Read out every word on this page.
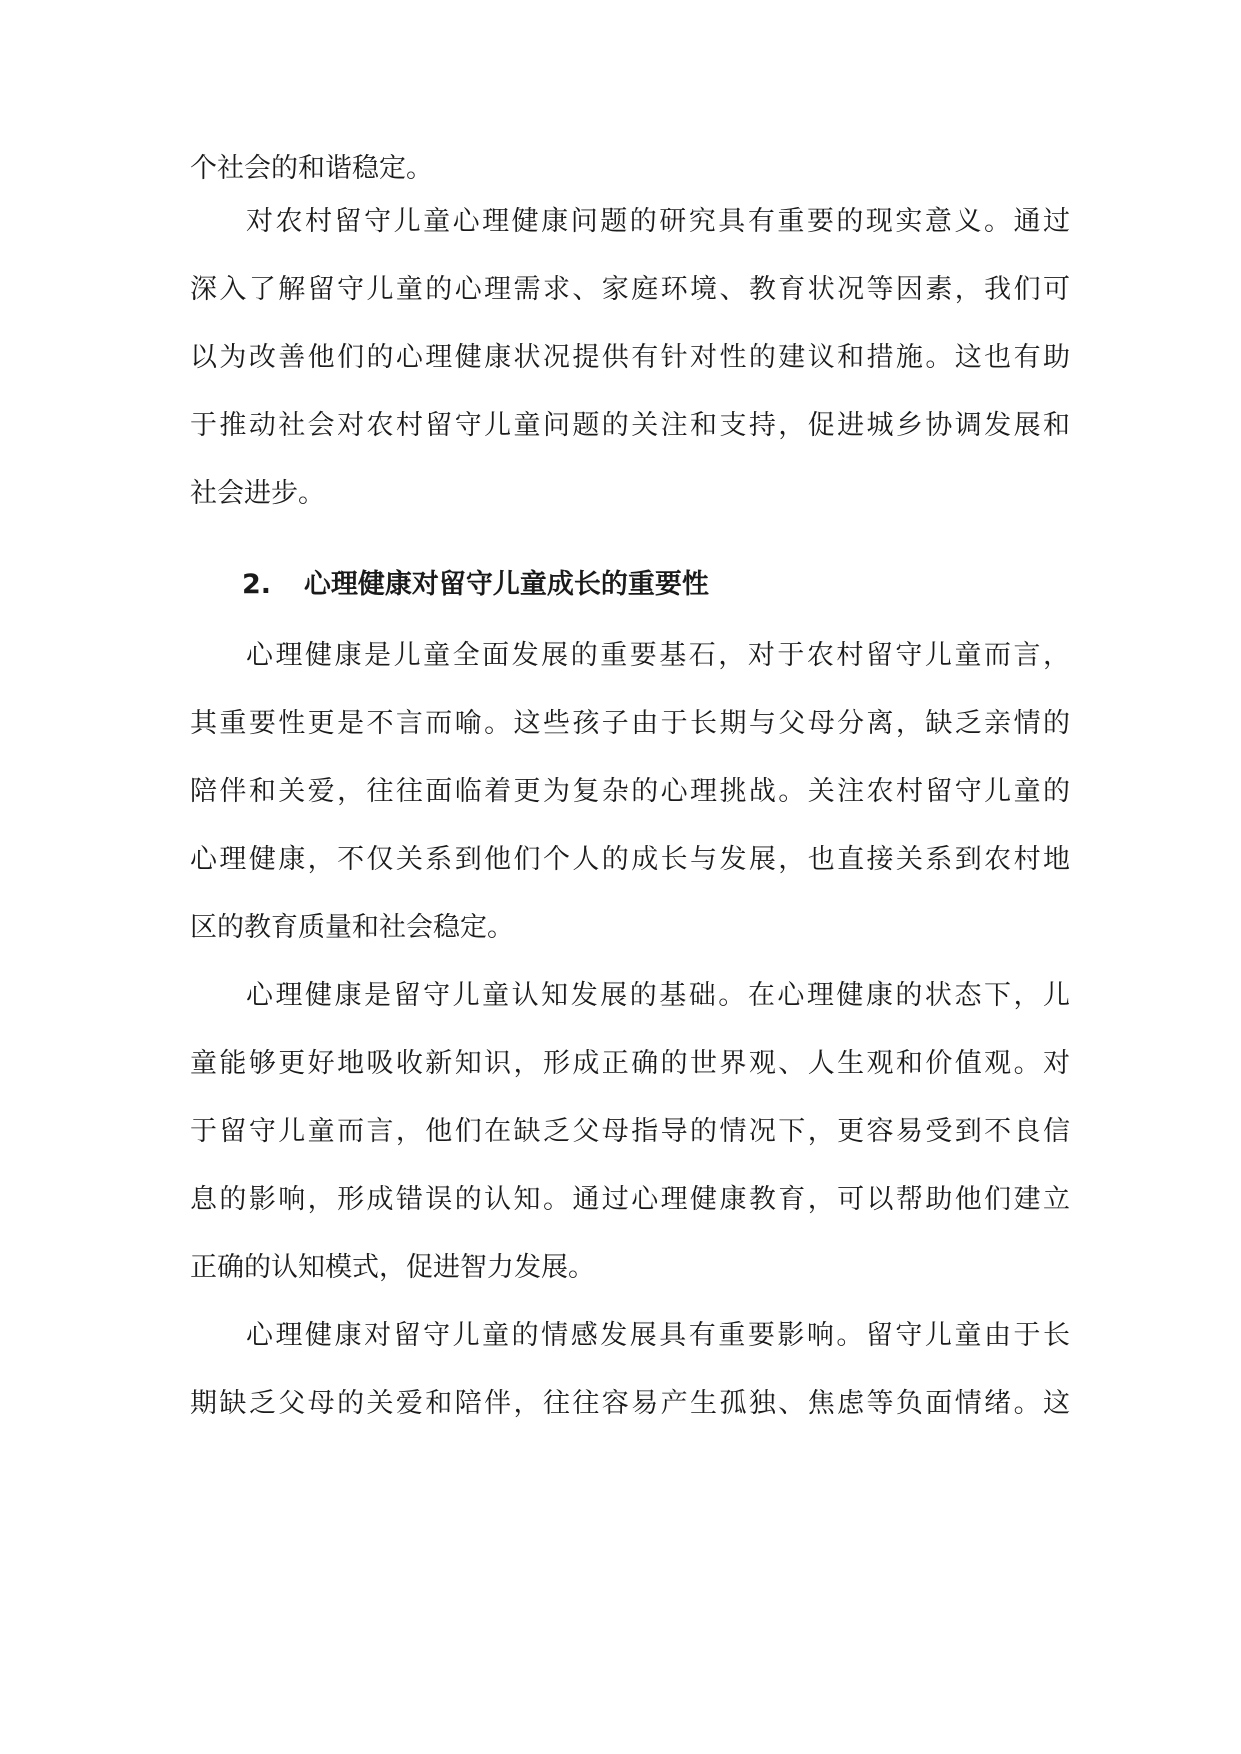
个社会的和谐稳定。
对农村留守儿童心理健康问题的研究具有重要的现实意义。通过
深入了解留守儿童的心理需求、家庭环境、教育状况等因素，我们可
以为改善他们的心理健康状况提供有针对性的建议和措施。这也有助
于推动社会对农村留守儿童问题的关注和支持，促进城乡协调发展和
社会进步。
2. 心理健康对留守儿童成长的重要性
心理健康是儿童全面发展的重要基石，对于农村留守儿童而言，
其重要性更是不言而喻。这些孩子由于长期与父母分离，缺乏亲情的
陪伴和关爱，往往面临着更为复杂的心理挑战。关注农村留守儿童的
心理健康，不仅关系到他们个人的成长与发展，也直接关系到农村地
区的教育质量和社会稳定。
心理健康是留守儿童认知发展的基础。在心理健康的状态下，儿
童能够更好地吸收新知识，形成正确的世界观、人生观和价值观。对
于留守儿童而言，他们在缺乏父母指导的情况下，更容易受到不良信
息的影响，形成错误的认知。通过心理健康教育，可以帮助他们建立
正确的认知模式，促进智力发展。
心理健康对留守儿童的情感发展具有重要影响。留守儿童由于长
期缺乏父母的关爱和陪伴，往往容易产生孤独、焦虑等负面情绪。这
